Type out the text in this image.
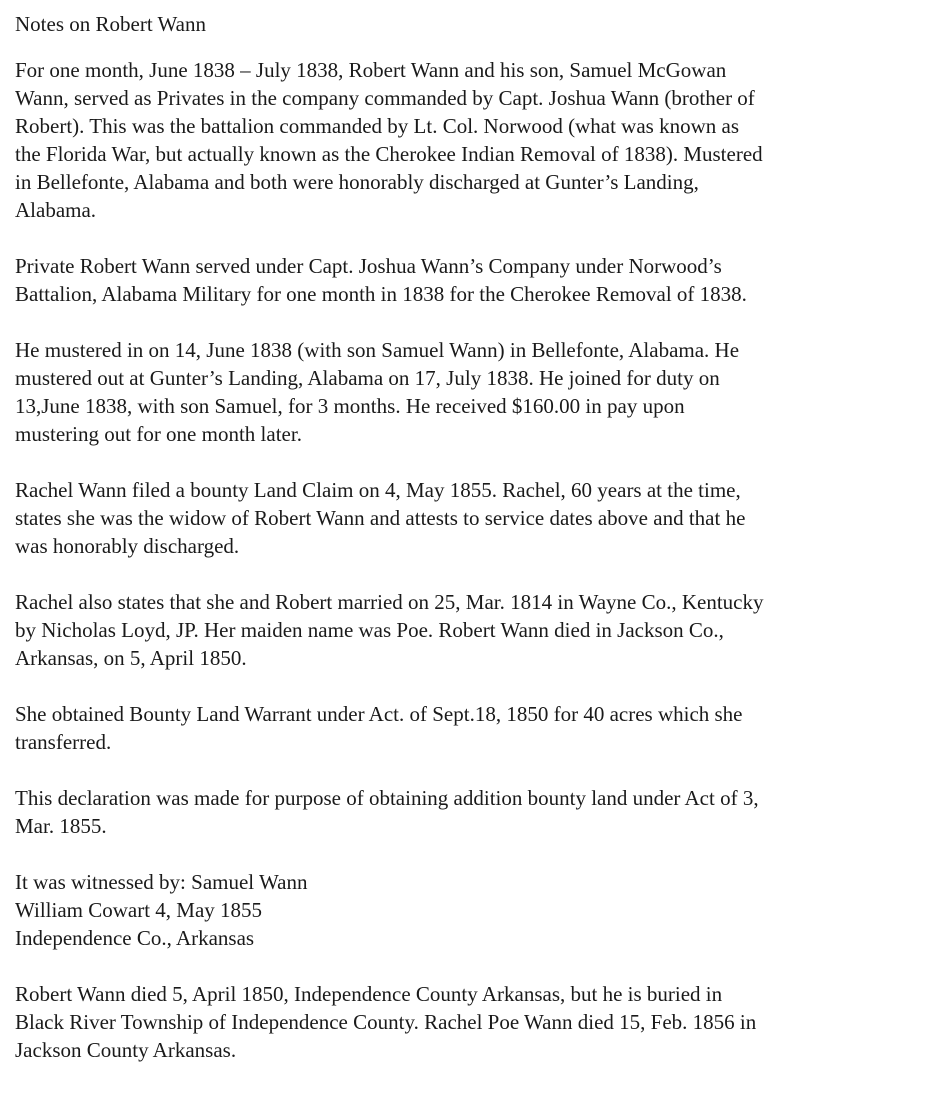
Notes on Robert Wann
For one month, June 1838 – July 1838, Robert Wann and his son, Samuel McGowan
Wann, served as Privates in the company commanded by Capt. Joshua Wann (brother of
Robert). This was the battalion commanded by Lt. Col. Norwood (what was known as
the Florida War, but actually known as the Cherokee Indian Removal of 1838). Mustered
in Bellefonte, Alabama and both were honorably discharged at Gunter’s Landing,
Alabama.
Private Robert Wann served under Capt. Joshua Wann’s Company under Norwood’s
Battalion, Alabama Military for one month in 1838 for the Cherokee Removal of 1838.
He mustered in on 14, June 1838 (with son Samuel Wann) in Bellefonte, Alabama. He
mustered out at Gunter’s Landing, Alabama on 17, July 1838. He joined for duty on
13,June 1838, with son Samuel, for 3 months. He received $160.00 in pay upon
mustering out for one month later.
Rachel Wann filed a bounty Land Claim on 4, May 1855. Rachel, 60 years at the time,
states she was the widow of Robert Wann and attests to service dates above and that he
was honorably discharged.
Rachel also states that she and Robert married on 25, Mar. 1814 in Wayne Co., Kentucky
by Nicholas Loyd, JP. Her maiden name was Poe. Robert Wann died in Jackson Co.,
Arkansas, on 5, April 1850.
She obtained Bounty Land Warrant under Act. of Sept.18, 1850 for 40 acres which she
transferred.
This declaration was made for purpose of obtaining addition bounty land under Act of 3,
Mar. 1855.
It was witnessed by: Samuel Wann
William Cowart 4, May 1855
Independence Co., Arkansas
Robert Wann died 5, April 1850, Independence County Arkansas, but he is buried in
Black River Township of Independence County. Rachel Poe Wann died 15, Feb. 1856 in
Jackson County Arkansas.
